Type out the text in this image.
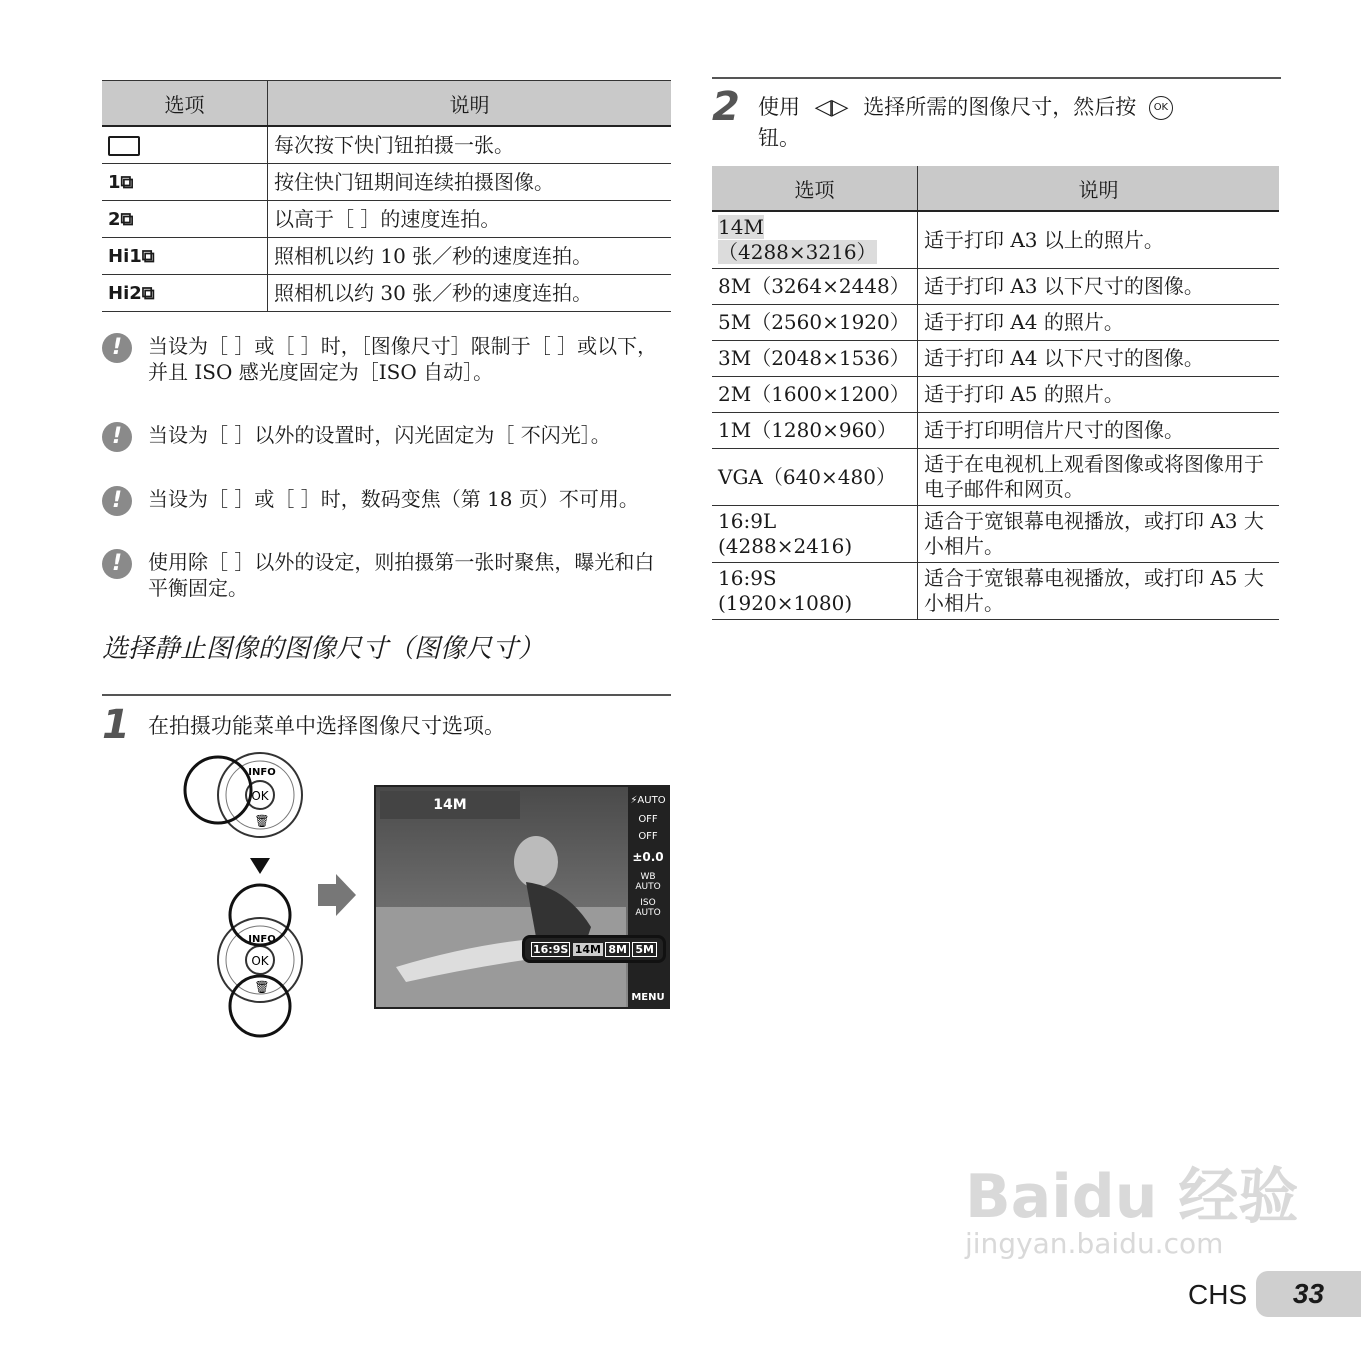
选项	说明
	每次按下快门钮拍摄一张。
1⧉	按住快门钮期间连续拍摄图像。
2⧉	以高于［ ］的速度连拍。
Hi1⧉	照相机以约 10 张／秒的速度连拍。
Hi2⧉	照相机以约 30 张／秒的速度连拍。
!	当设为［ ］或［ ］时，［图像尺寸］限制于［ ］或以下，并且 ISO 感光度固定为［ISO 自动］。
!	当设为［ ］以外的设置时，闪光固定为［ 不闪光］。
!	当设为［ ］或［ ］时，数码变焦（第 18 页）不可用。
!	使用除［ ］以外的设定，则拍摄第一张时聚焦，曝光和白平衡固定。
选择静止图像的图像尺寸（图像尺寸）
1 在拍摄功能菜单中选择图像尺寸选项。
OK
INFO
🗑
OK
INFO
🗑
14M	⚡AUTO
OFF
OFF
±0.0
WB AUTO
ISO AUTO
MENU
16:9S 14M 8M 5M
2 使用 ◁▷ 选择所需的图像尺寸，然后按 OK
钮。
选项	说明
14M（4288×3216）	适于打印 A3 以上的照片。
8M（3264×2448）	适于打印 A3 以下尺寸的图像。
5M（2560×1920）	适于打印 A4 的照片。
3M（2048×1536）	适于打印 A4 以下尺寸的图像。
2M（1600×1200）	适于打印 A5 的照片。
1M（1280×960）	适于打印明信片尺寸的图像。
VGA（640×480）	适于在电视机上观看图像或将图像用于电子邮件和网页。
16:9L
(4288×2416)	适合于宽银幕电视播放，或打印 A3 大小相片。
16:9S
(1920×1080)	适合于宽银幕电视播放，或打印 A5 大小相片。
Baidu 经验
jingyan.baidu.com
CHS	33
